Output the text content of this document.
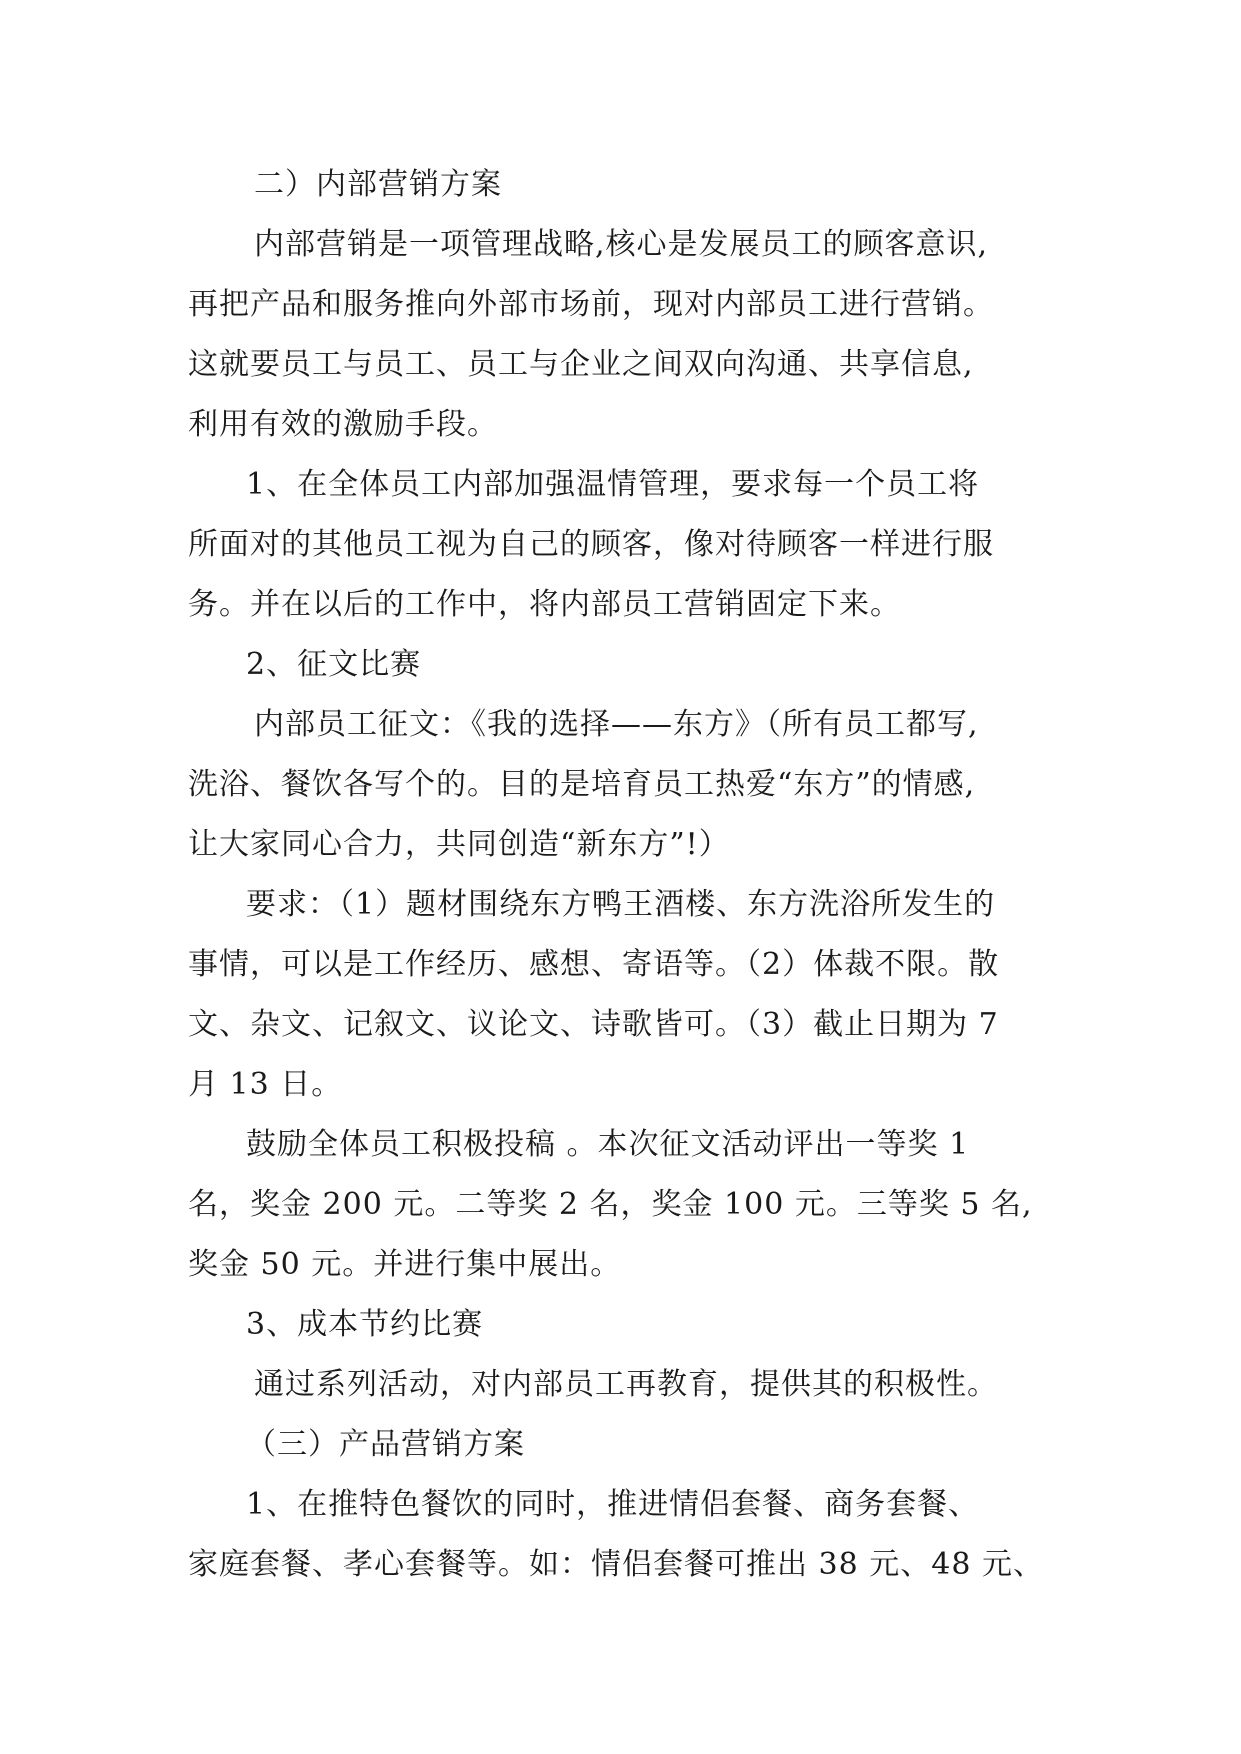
二）内部营销方案
内部营销是一项管理战略,核心是发展员工的顾客意识,
再把产品和服务推向外部市场前，现对内部员工进行营销。
这就要员工与员工、员工与企业之间双向沟通、共享信息,
利用有效的激励手段。
1、在全体员工内部加强温情管理，要求每一个员工将
所面对的其他员工视为自己的顾客，像对待顾客一样进行服
务。并在以后的工作中，将内部员工营销固定下来。
2、征文比赛
内部员工征文：《我的选择——东方》（所有员工都写,
洗浴、餐饮各写个的。目的是培育员工热爱“东方”的情感,
让大家同心合力，共同创造“新东方”!）
要求：（1）题材围绕东方鸭王酒楼、东方洗浴所发生的
事情，可以是工作经历、感想、寄语等。（2）体裁不限。散
文、杂文、记叙文、议论文、诗歌皆可。（3）截止日期为 7
月 13 日。
鼓励全体员工积极投稿 。本次征文活动评出一等奖 1
名，奖金 200 元。二等奖 2 名，奖金 100 元。三等奖 5 名,
奖金 50 元。并进行集中展出。
3、成本节约比赛
通过系列活动，对内部员工再教育，提供其的积极性。
（三）产品营销方案
1、在推特色餐饮的同时，推进情侣套餐、商务套餐、
家庭套餐、孝心套餐等。如：情侣套餐可推出 38 元、48 元、
